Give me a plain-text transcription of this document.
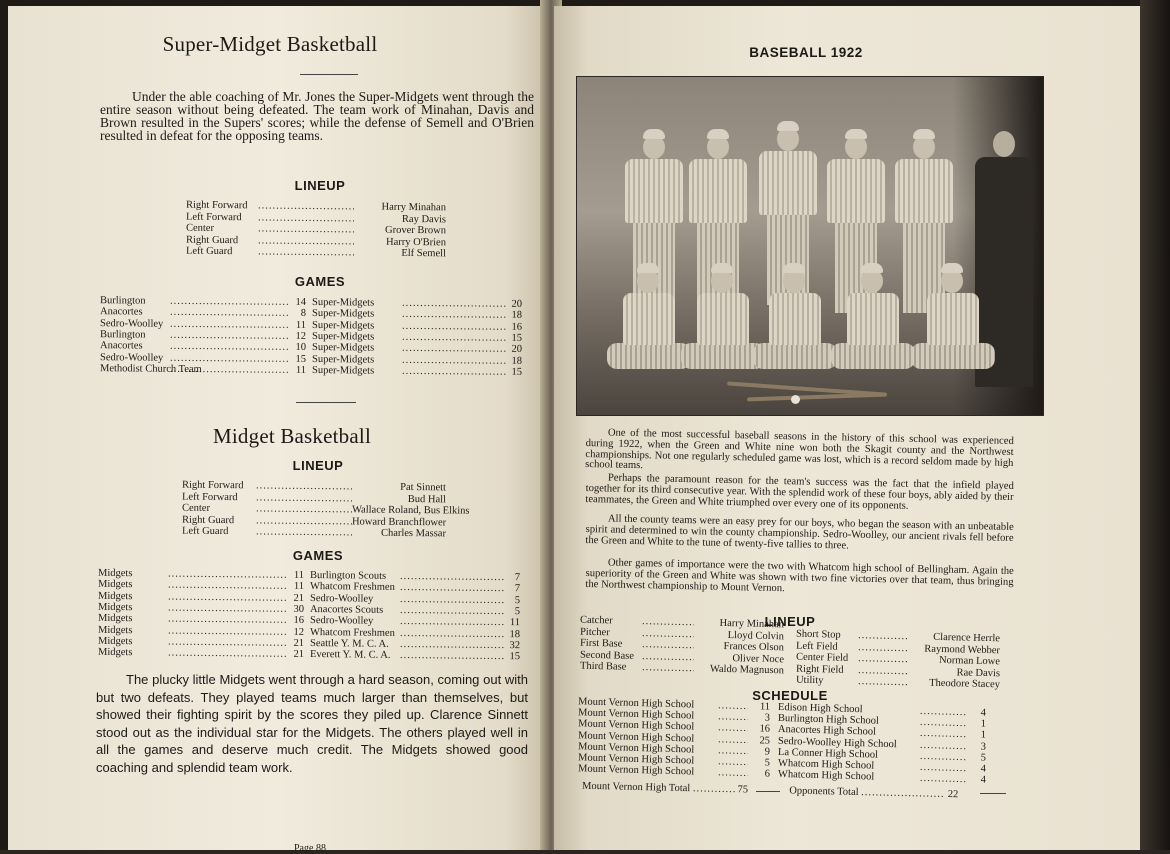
Super-Midget Basketball
Under the able coaching of Mr. Jones the Super-Midgets went through the entire season without being defeated. The team work of Minahan, Davis and Brown resulted in the Supers' scores; while the defense of Semell and O'Brien resulted in defeat for the opposing teams.
LINEUP
Right Forward .....	Harry Minahan
Left Forward .....	Ray Davis
Center .....	Grover Brown
Right Guard .....	Harry O'Brien
Left Guard .....	Elf Semell
GAMES
Burlington .....	14 Super-Midgets .....	20
Anacortes .....	8 Super-Midgets .....	18
Sedro-Woolley .....	11 Super-Midgets .....	16
Burlington .....	12 Super-Midgets .....	15
Anacortes .....	10 Super-Midgets .....	20
Sedro-Woolley .....	15 Super-Midgets .....	18
Methodist Church Team .....	11 Super-Midgets .....	15
Midget Basketball
LINEUP
Right Forward .....	Pat Sinnett
Left Forward .....	Bud Hall
Center .....	Wallace Roland, Bus Elkins
Right Guard .....	Howard Branchflower
Left Guard .....	Charles Massar
GAMES
Midgets .....	11 Burlington Scouts .....	7
Midgets .....	11 Whatcom Freshmen .....	7
Midgets .....	21 Sedro-Woolley .....	5
Midgets .....	30 Anacortes Scouts .....	5
Midgets .....	16 Sedro-Woolley .....	11
Midgets .....	12 Whatcom Freshmen .....	18
Midgets .....	21 Seattle Y. M. C. A. .....	32
Midgets .....	21 Everett Y. M. C. A. .....	15
The plucky little Midgets went through a hard season, coming out with but two defeats. They played teams much larger than themselves, but showed their fighting spirit by the scores they piled up. Clarence Sinnett stood out as the individual star for the Midgets. The others played well in all the games and deserve much credit. The Midgets showed good coaching and splendid team work.
Page 88
BASEBALL 1922
One of the most successful baseball seasons in the history of this school was experienced during 1922, when the Green and White nine won both the Skagit county and the Northwest championships. Not one regularly scheduled game was lost, which is a record seldom made by high school teams.
Perhaps the paramount reason for the team's success was the fact that the infield played together for its third consecutive year. With the splendid work of these four boys, ably aided by their teammates, the Green and White triumphed over every one of its opponents.
All the county teams were an easy prey for our boys, who began the season with an unbeatable spirit and determined to win the county championship. Sedro-Woolley, our ancient rivals fell before the Green and White to the tune of twenty-five tallies to three.
Other games of importance were the two with Whatcom high school of Bellingham. Again the superiority of the Green and White was shown with two fine victories over that team, thus bringing the Northwest championship to Mount Vernon.
LINEUP
Catcher .....	Harry Minahan
Pitcher .....	Lloyd Colvin
First Base .....	Frances Olson
Second Base .....	Oliver Noce
Third Base .....	Waldo Magnuson
Short Stop .....	Clarence Herrle
Left Field .....	Raymond Webber
Center Field .....	Norman Lowe
Right Field .....	Rae Davis
Utility .....	Theodore Stacey
SCHEDULE
Mount Vernon High School .....	11 Edison High School .....	4
Mount Vernon High School .....	3 Burlington High School .....	1
Mount Vernon High School .....	16 Anacortes High School .....	1
Mount Vernon High School .....	25 Sedro-Woolley High School .....	3
Mount Vernon High School .....	9 La Conner High School .....	5
Mount Vernon High School .....	5 Whatcom High School .....	4
Mount Vernon High School .....	6 Whatcom High School .....	4
Mount Vernon High Total .....	75	Opponents Total .....	22
